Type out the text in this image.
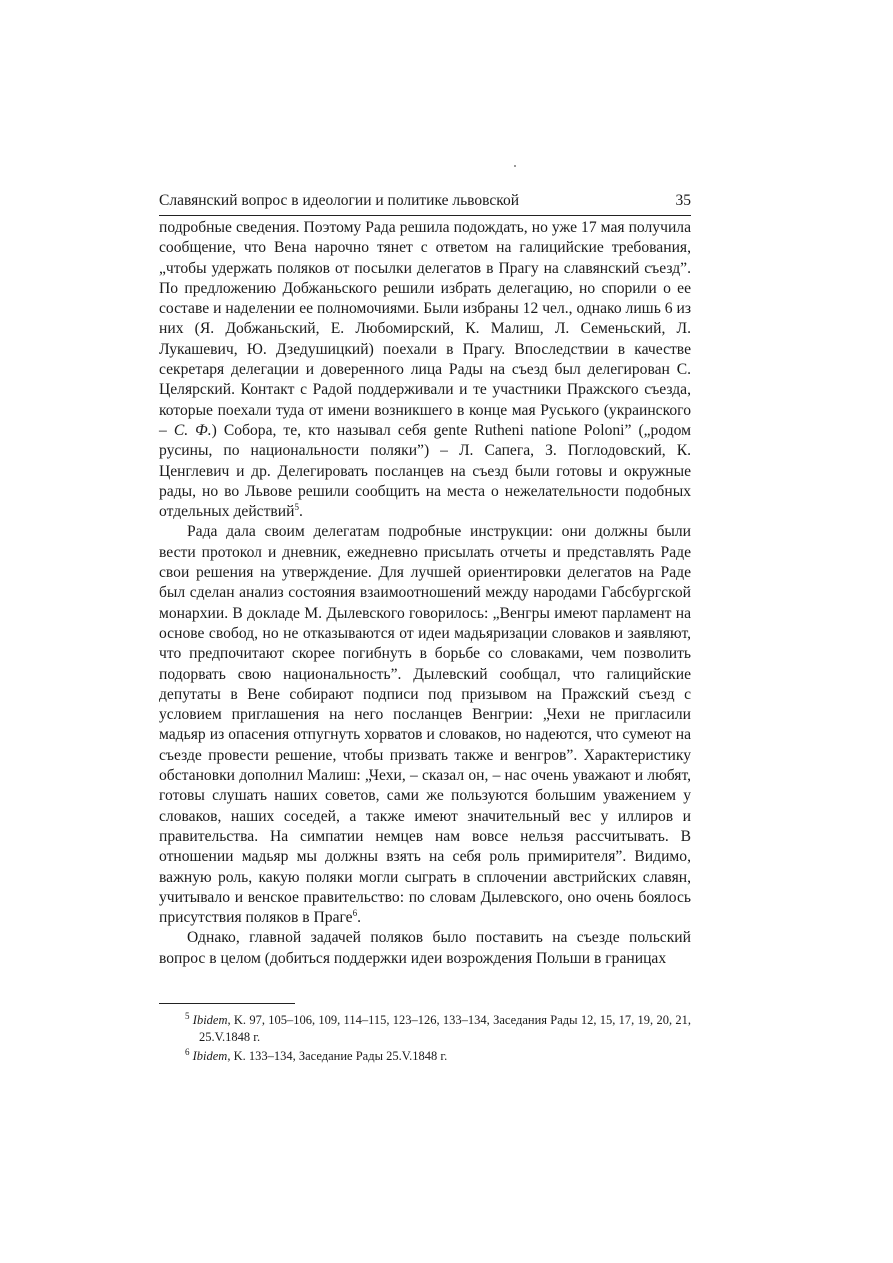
Славянский вопрос в идеологии и политике львовской	35

подробные сведения. Поэтому Рада решила подождать, но уже 17 мая получила сообщение, что Вена нарочно тянет с ответом на галицийские требования, „чтобы удержать поляков от посылки делегатов в Прагу на славянский съезд”. По предложению Добжаньского решили избрать делегацию, но спорили о ее составе и наделении ее полномочиями. Были избраны 12 чел., однако лишь 6 из них (Я. Добжаньский, Е. Любомирский, К. Малиш, Л. Семеньский, Л. Лукашевич, Ю. Дзедушицкий) поехали в Прагу. Впоследствии в качестве секретаря делегации и доверенного лица Рады на съезд был делегирован С. Целярский. Контакт с Радой поддерживали и те участники Пражского съезда, которые поехали туда от имени возникшего в конце мая Руського (украинского – С. Ф.) Собора, те, кто называл себя gente Rutheni natione Poloni” („родом русины, по национальности поляки”) – Л. Сапега, З. Поглодовский, К. Ценглевич и др. Делегировать посланцев на съезд были готовы и окружные рады, но во Львове решили сообщить на места о нежелательности подобных отдельных действий$^5$.

Рада дала своим делегатам подробные инструкции: они должны были вести протокол и дневник, ежедневно присылать отчеты и представлять Раде свои решения на утверждение. Для лучшей ориентировки делегатов на Раде был сделан анализ состояния взаимоотношений между народами Габсбургской монархии. В докладе М. Дылевского говорилось: „Венгры имеют парламент на основе свобод, но не отказываются от идеи мадьяризации словаков и заявляют, что предпочитают скорее погибнуть в борьбе со словаками, чем позволить подорвать свою национальность”. Дылевский сообщал, что галицийские депутаты в Вене собирают подписи под призывом на Пражский съезд с условием приглашения на него посланцев Венгрии: „Чехи не пригласили мадьяр из опасения отпугнуть хорватов и словаков, но надеются, что сумеют на съезде провести решение, чтобы призвать также и венгров”. Характеристику обстановки дополнил Малиш: „Чехи, – сказал он, – нас очень уважают и любят, готовы слушать наших советов, сами же пользуются большим уважением у словаков, наших соседей, а также имеют значительный вес у иллиров и правительства. На симпатии немцев нам вовсе нельзя рассчитывать. В отношении мадьяр мы должны взять на себя роль примирителя”. Видимо, важную роль, какую поляки могли сыграть в сплочении австрийских славян, учитывало и венское правительство: по словам Дылевского, оно очень боялось присутствия поляков в Праге$^6$.

Однако, главной задачей поляков было поставить на съезде польский вопрос в целом (добиться поддержки идеи возрождения Польши в границах

$^5$ Ibidem, K. 97, 105–106, 109, 114–115, 123–126, 133–134, Заседания Рады 12, 15, 17, 19, 20, 21, 25.V.1848 г.

$^6$ Ibidem, K. 133–134, Заседание Рады 25.V.1848 г.
